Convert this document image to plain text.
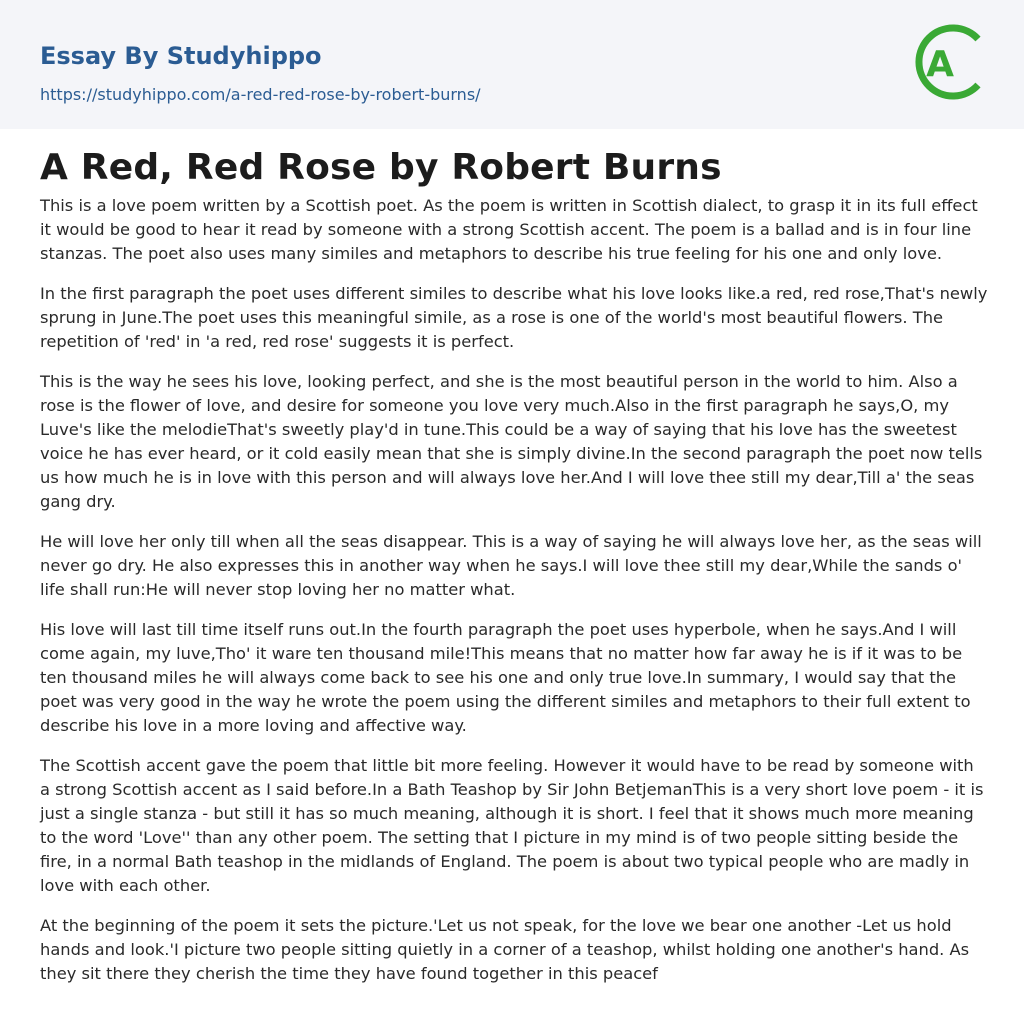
Essay By Studyhippo
https://studyhippo.com/a-red-red-rose-by-robert-burns/
A
A Red, Red Rose by Robert Burns

This is a love poem written by a Scottish poet. As the poem is written in Scottish dialect, to grasp it in its full effect it would be good to hear it read by someone with a strong Scottish accent. The poem is a ballad and is in four line stanzas. The poet also uses many similes and metaphors to describe his true feeling for his one and only love.

In the first paragraph the poet uses different similes to describe what his love looks like.a red, red rose,That's newly sprung in June.The poet uses this meaningful simile, as a rose is one of the world's most beautiful flowers. The repetition of 'red' in 'a red, red rose' suggests it is perfect.

This is the way he sees his love, looking perfect, and she is the most beautiful person in the world to him. Also a rose is the flower of love, and desire for someone you love very much.Also in the first paragraph he says,O, my Luve's like the melodieThat's sweetly play'd in tune.This could be a way of saying that his love has the sweetest voice he has ever heard, or it cold easily mean that she is simply divine.In the second paragraph the poet now tells us how much he is in love with this person and will always love her.And I will love thee still my dear,Till a' the seas gang dry.

He will love her only till when all the seas disappear. This is a way of saying he will always love her, as the seas will never go dry. He also expresses this in another way when he says.I will love thee still my dear,While the sands o' life shall run:He will never stop loving her no matter what.

His love will last till time itself runs out.In the fourth paragraph the poet uses hyperbole, when he says.And I will come again, my luve,Tho' it ware ten thousand mile!This means that no matter how far away he is if it was to be ten thousand miles he will always come back to see his one and only true love.In summary, I would say that the poet was very good in the way he wrote the poem using the different similes and metaphors to their full extent to describe his love in a more loving and affective way.

The Scottish accent gave the poem that little bit more feeling. However it would have to be read by someone with a strong Scottish accent as I said before.In a Bath Teashop by Sir John BetjemanThis is a very short love poem - it is just a single stanza - but still it has so much meaning, although it is short. I feel that it shows much more meaning to the word 'Love'' than any other poem. The setting that I picture in my mind is of two people sitting beside the fire, in a normal Bath teashop in the midlands of England. The poem is about two typical people who are madly in love with each other.

At the beginning of the poem it sets the picture.'Let us not speak, for the love we bear one another -Let us hold hands and look.'I picture two people sitting quietly in a corner of a teashop, whilst holding one another's hand. As they sit there they cherish the time they have found together in this peacef
